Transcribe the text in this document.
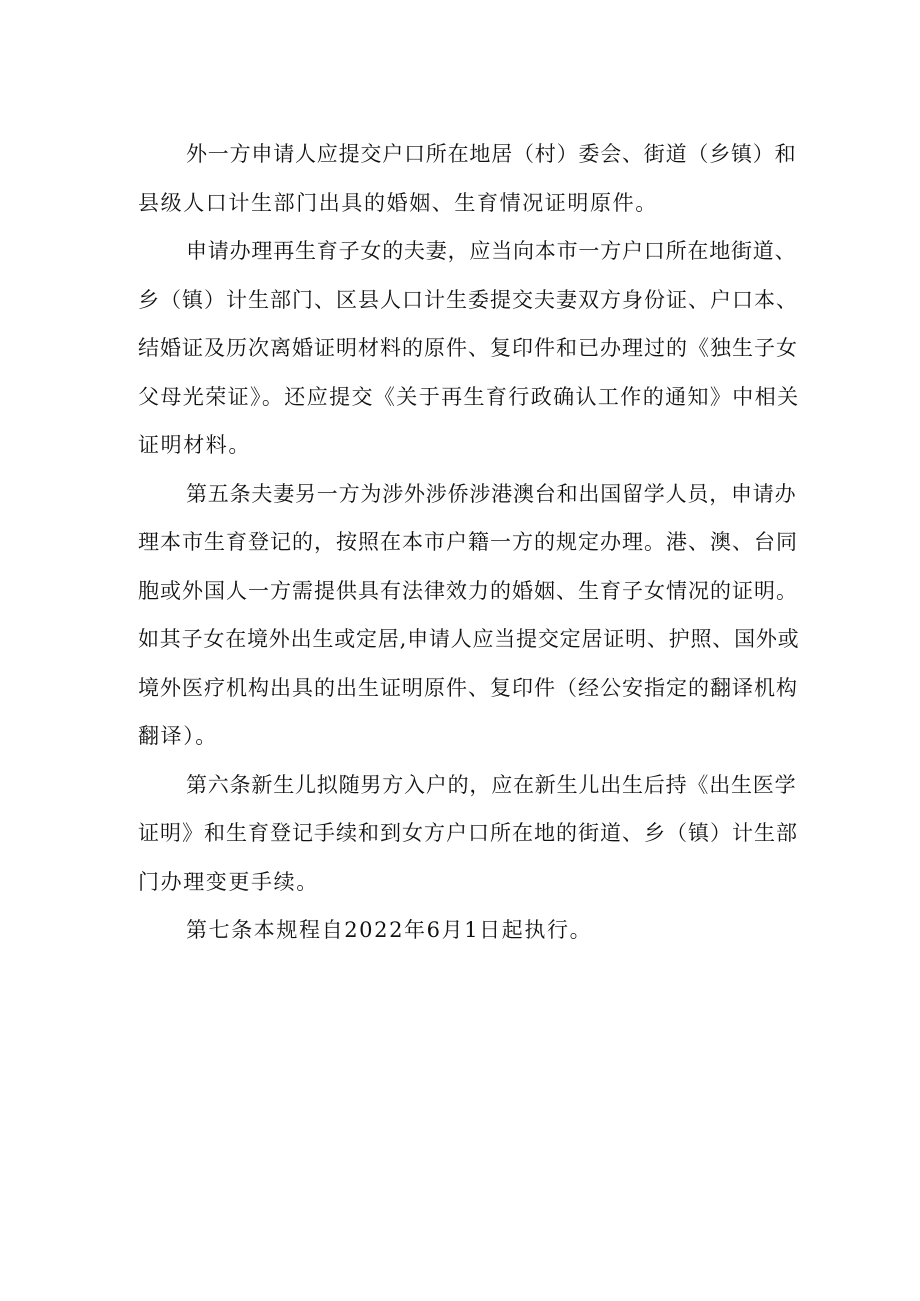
外一方申请人应提交户口所在地居（村）委会、街道（乡镇）和
县级人口计生部门出具的婚姻、生育情况证明原件。

申请办理再生育子女的夫妻，应当向本市一方户口所在地街道、
乡（镇）计生部门、区县人口计生委提交夫妻双方身份证、户口本、
结婚证及历次离婚证明材料的原件、复印件和已办理过的《独生子女
父母光荣证》。还应提交《关于再生育行政确认工作的通知》中相关
证明材料。

第五条夫妻另一方为涉外涉侨涉港澳台和出国留学人员，申请办
理本市生育登记的，按照在本市户籍一方的规定办理。港、澳、台同
胞或外国人一方需提供具有法律效力的婚姻、生育子女情况的证明。
如其子女在境外出生或定居,申请人应当提交定居证明、护照、国外或
境外医疗机构出具的出生证明原件、复印件（经公安指定的翻译机构
翻译）。

第六条新生儿拟随男方入户的，应在新生儿出生后持《出生医学
证明》和生育登记手续和到女方户口所在地的街道、乡（镇）计生部
门办理变更手续。

第七条本规程自2022年6月1日起执行。
